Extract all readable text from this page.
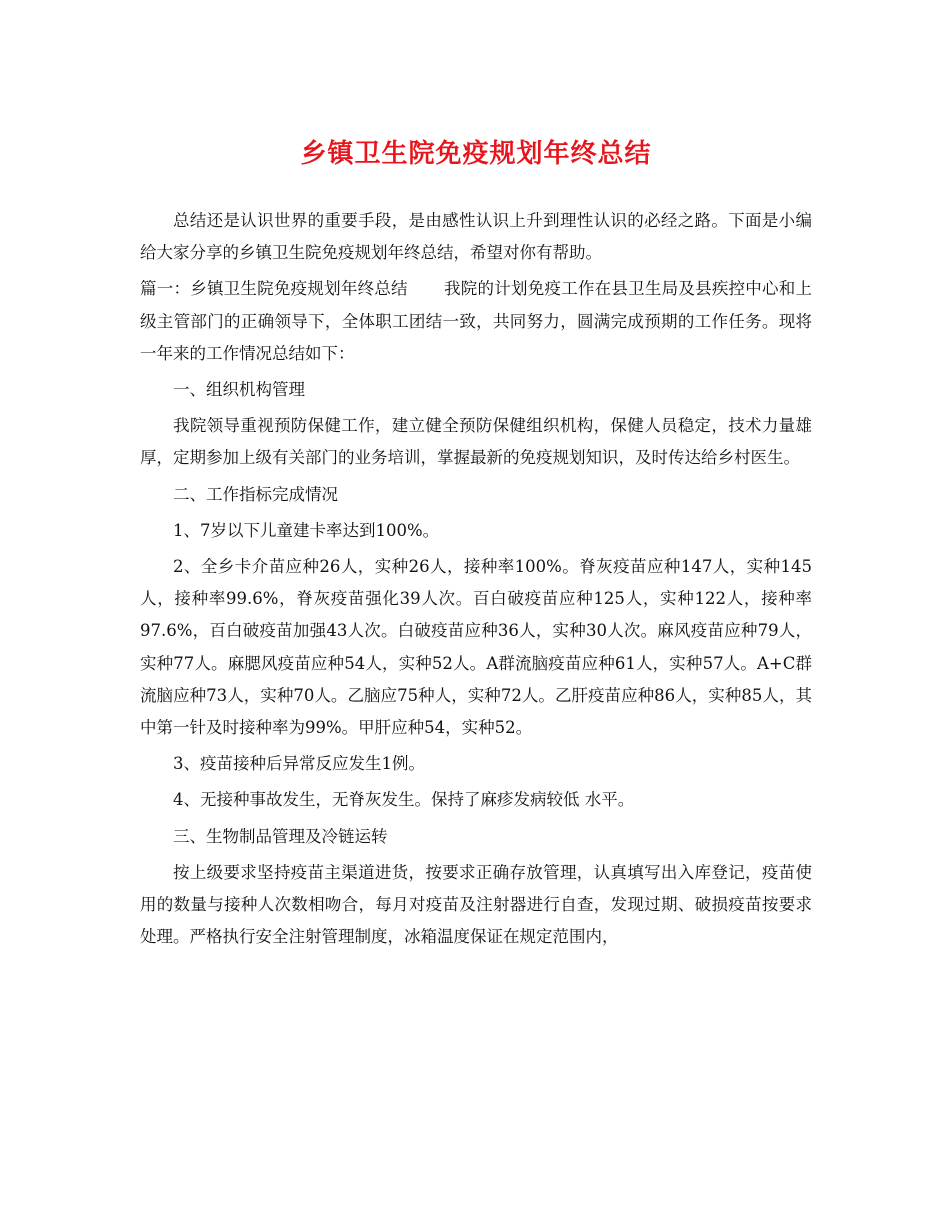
乡镇卫生院免疫规划年终总结

总结还是认识世界的重要手段，是由感性认识上升到理性认识的必经之路。下面是小编给大家分享的乡镇卫生院免疫规划年终总结，希望对你有帮助。

篇一：乡镇卫生院免疫规划年终总结 我院的计划免疫工作在县卫生局及县疾控中心和上级主管部门的正确领导下，全体职工团结一致，共同努力，圆满完成预期的工作任务。现将一年来的工作情况总结如下：

一、组织机构管理

我院领导重视预防保健工作，建立健全预防保健组织机构，保健人员稳定，技术力量雄厚，定期参加上级有关部门的业务培训，掌握最新的免疫规划知识，及时传达给乡村医生。

二、工作指标完成情况

1、7岁以下儿童建卡率达到100%。

2、全乡卡介苗应种26人，实种26人，接种率100%。脊灰疫苗应种147人，实种145人，接种率99.6%，脊灰疫苗强化39人次。百白破疫苗应种125人，实种122人，接种率97.6%，百白破疫苗加强43人次。白破疫苗应种36人，实种30人次。麻风疫苗应种79人，实种77人。麻腮风疫苗应种54人，实种52人。A群流脑疫苗应种61人，实种57人。A+C群流脑应种73人，实种70人。乙脑应75种人，实种72人。乙肝疫苗应种86人，实种85人，其中第一针及时接种率为99%。甲肝应种54，实种52。

3、疫苗接种后异常反应发生1例。

4、无接种事故发生，无脊灰发生。保持了麻疹发病较低 水平。

三、生物制品管理及冷链运转

按上级要求坚持疫苗主渠道进货，按要求正确存放管理，认真填写出入库登记，疫苗使用的数量与接种人次数相吻合，每月对疫苗及注射器进行自查，发现过期、破损疫苗按要求处理。严格执行安全注射管理制度，冰箱温度保证在规定范围内，
